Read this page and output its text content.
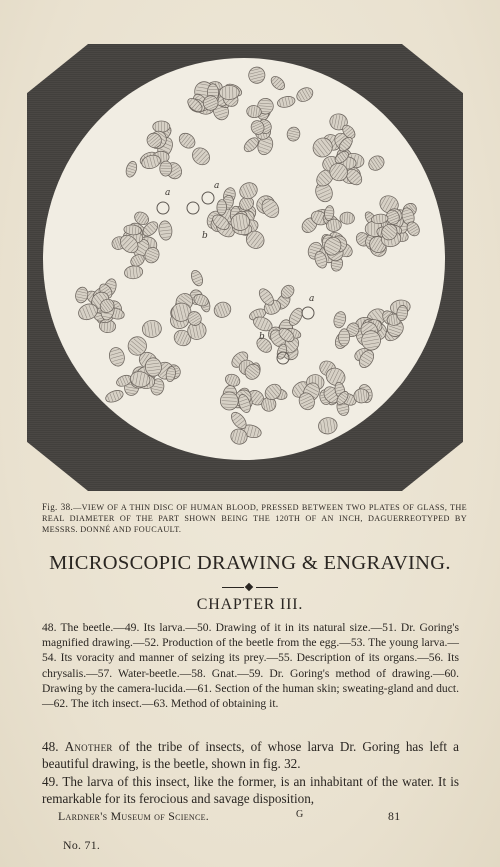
a
a
b
a
b
Fig. 38.—VIEW OF A THIN DISC OF HUMAN BLOOD, PRESSED BETWEEN TWO PLATES OF GLASS, THE REAL DIAMETER OF THE PART SHOWN BEING THE 120TH OF AN INCH, DAGUERREOTYPED BY MESSRS. DONNÉ AND FOUCAULT.
MICROSCOPIC DRAWING & ENGRAVING.
CHAPTER III.

48. The beetle.—49. Its larva.—50. Drawing of it in its natural size.—51. Dr. Goring's magnified drawing.—52. Production of the beetle from the egg.—53. The young larva.—54. Its voracity and manner of seizing its prey.—55. Description of its organs.—56. Its chrysalis.—57. Water-beetle.—58. Gnat.—59. Dr. Goring's method of drawing.—60. Drawing by the camera-lucida.—61. Section of the human skin; sweating-gland and duct.—62. The itch insect.—63. Method of obtaining it.

48. Another of the tribe of insects, of whose larva Dr. Goring has left a beautiful drawing, is the beetle, shown in fig. 32.

49. The larva of this insect, like the former, is an inhabitant of the water. It is remarkable for its ferocious and savage disposition,

Lardner's Museum of Science.	G	81
No. 71.
